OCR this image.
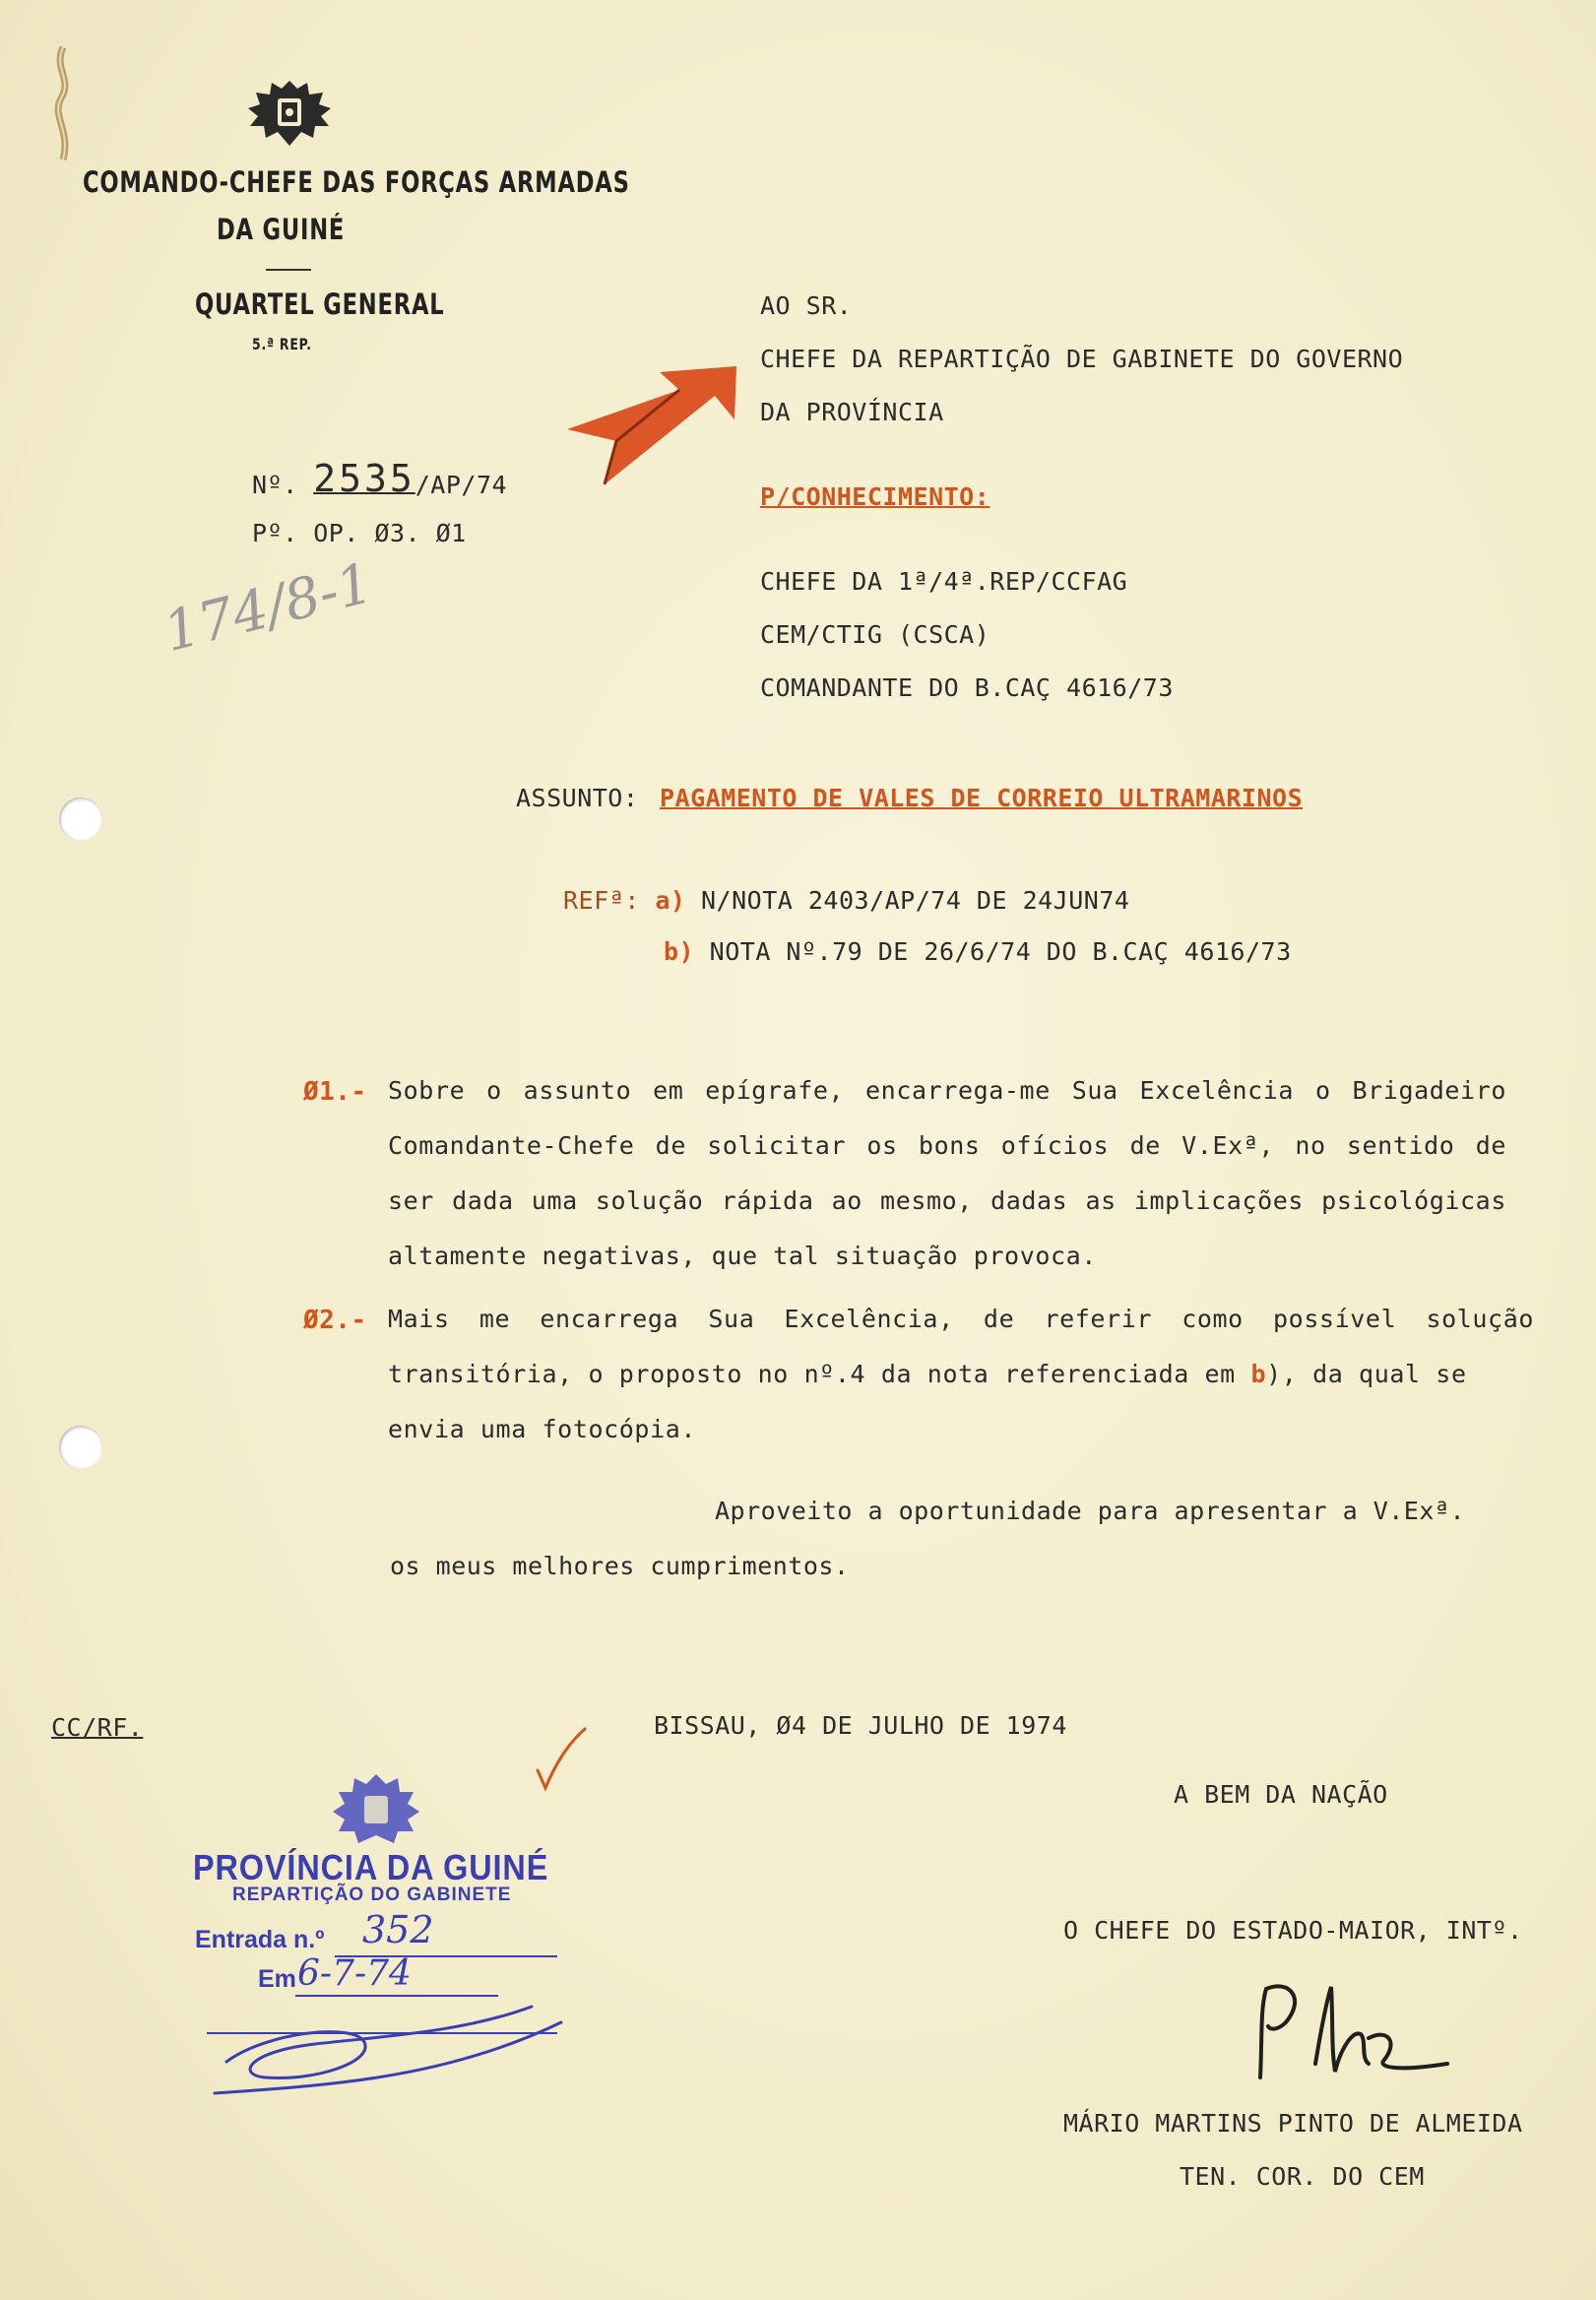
COMANDO-CHEFE DAS FORÇAS ARMADAS
DA GUINÉ
QUARTEL GENERAL
5.ª REP.
Nº. 2535/AP/74
Pº. OP. Ø3. Ø1
174/8-1
AO SR.
CHEFE DA REPARTIÇÃO DE GABINETE DO GOVERNO
DA PROVÍNCIA
P/CONHECIMENTO:
CHEFE DA 1ª/4ª.REP/CCFAG
CEM/CTIG (CSCA)
COMANDANTE DO B.CAÇ 4616/73
ASSUNTO: PAGAMENTO DE VALES DE CORREIO ULTRAMARINOS
REFª: a) N/NOTA 2403/AP/74 DE 24JUN74
b) NOTA Nº.79 DE 26/6/74 DO B.CAÇ 4616/73
Ø1.- Sobre o assunto em epígrafe, encarrega-me Sua Excelência o Brigadeiro
Comandante-Chefe de solicitar os bons ofícios de V.Exª, no sentido de
ser dada uma solução rápida ao mesmo, dadas as implicações psicológicas
altamente negativas, que tal situação provoca.
Ø2.- Mais me encarrega Sua Excelência, de referir como possível solução
transitória, o proposto no nº.4 da nota referenciada em b), da qual se
envia uma fotocópia.
Aproveito a oportunidade para apresentar a V.Exª.
os meus melhores cumprimentos.
CC/RF.	BISSAU, Ø4 DE JULHO DE 1974
A BEM DA NAÇÃO
O CHEFE DO ESTADO-MAIOR, INTº.
MÁRIO MARTINS PINTO DE ALMEIDA
TEN. COR. DO CEM
PROVÍNCIA DA GUINÉ
REPARTIÇÃO DO GABINETE
Entrada n.º 352
Em 6-7-74
